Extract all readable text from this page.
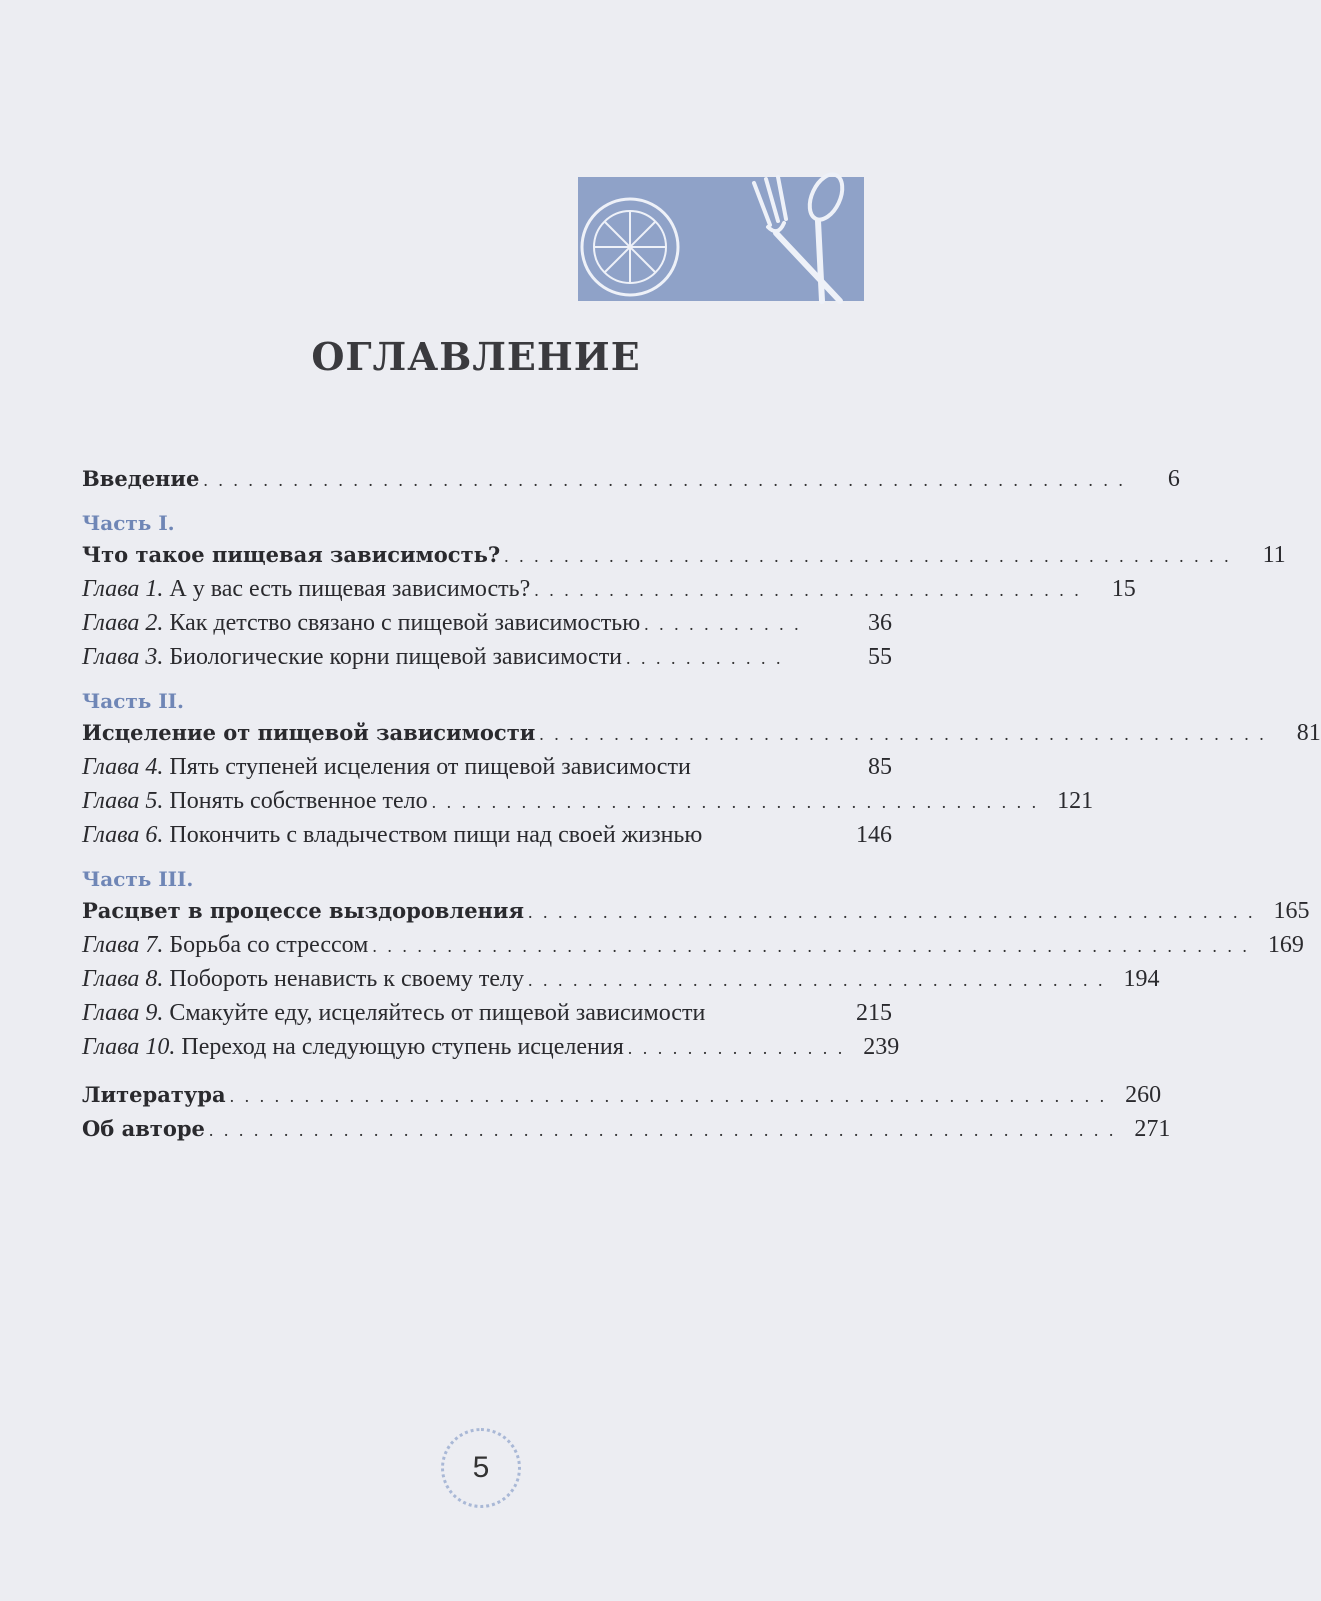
ОГЛАВЛЕНИЕ
Введение . . . . . . . . . . . . . . . . . . . . . . . . . . . . . . . . . . . . . . . . . . . . . . . . . . . . . . . . . . . . . .	6
Часть I.
Что такое пищевая зависимость? . . . . . . . . . . . . . . . . . . . . . . . . . . . . . . . . . . . . . . . . . . . . . . . . .	11
Глава 1. А у вас есть пищевая зависимость? . . . . . . . . . . . . . . . . . . . . . . . . . . . . . . . . . . . . .	15
Глава 2. Как детство связано с пищевой зависимостью . . . . . . . . . . .	36
Глава 3. Биологические корни пищевой зависимости . . . . . . . . . . .	55
Часть II.
Исцеление от пищевой зависимости . . . . . . . . . . . . . . . . . . . . . . . . . . . . . . . . . . . . . . . . . . . . . . . . .	81
Глава 4. Пять ступеней исцеления от пищевой зависимости	85
Глава 5. Понять собственное тело . . . . . . . . . . . . . . . . . . . . . . . . . . . . . . . . . . . . . . . . . 121
Глава 6. Покончить с владычеством пищи над своей жизнью	146
Часть III.
Расцвет в процессе выздоровления . . . . . . . . . . . . . . . . . . . . . . . . . . . . . . . . . . . . . . . . . . . . . . . . . 165
Глава 7. Борьба со стрессом . . . . . . . . . . . . . . . . . . . . . . . . . . . . . . . . . . . . . . . . . . . . . . . . . . . . . . . . . . . 169
Глава 8. Побороть ненависть к своему телу . . . . . . . . . . . . . . . . . . . . . . . . . . . . . . . . . . . . . . . 194
Глава 9. Смакуйте еду, исцеляйтесь от пищевой зависимости	215
Глава 10. Переход на следующую ступень исцеления . . . . . . . . . . . . . . . 239
Литература . . . . . . . . . . . . . . . . . . . . . . . . . . . . . . . . . . . . . . . . . . . . . . . . . . . . . . . . . . . 260
Об авторе . . . . . . . . . . . . . . . . . . . . . . . . . . . . . . . . . . . . . . . . . . . . . . . . . . . . . . . . . . . . . 271
5
